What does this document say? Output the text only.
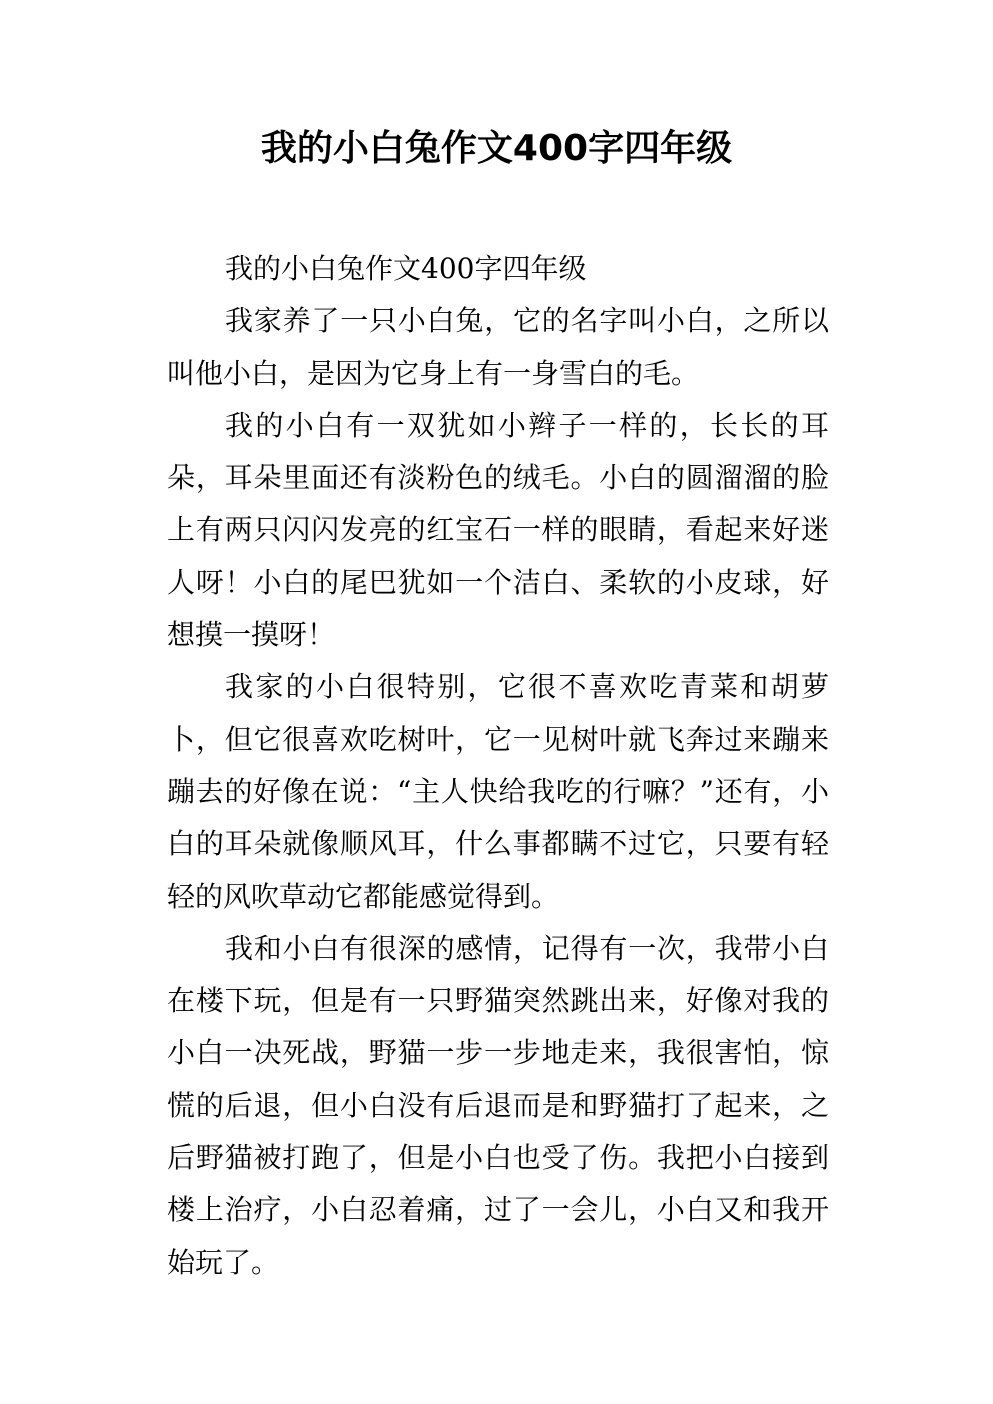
我的小白兔作文400字四年级

我的小白兔作文400字四年级

我家养了一只小白兔，它的名字叫小白，之所以叫他小白，是因为它身上有一身雪白的毛。

我的小白有一双犹如小辫子一样的，长长的耳朵，耳朵里面还有淡粉色的绒毛。小白的圆溜溜的脸上有两只闪闪发亮的红宝石一样的眼睛，看起来好迷人呀！小白的尾巴犹如一个洁白、柔软的小皮球，好想摸一摸呀！

我家的小白很特别，它很不喜欢吃青菜和胡萝卜，但它很喜欢吃树叶，它一见树叶就飞奔过来蹦来蹦去的好像在说：“主人快给我吃的行嘛？”还有，小白的耳朵就像顺风耳，什么事都瞒不过它，只要有轻轻的风吹草动它都能感觉得到。

我和小白有很深的感情，记得有一次，我带小白在楼下玩，但是有一只野猫突然跳出来，好像对我的小白一决死战，野猫一步一步地走来，我很害怕，惊慌的后退，但小白没有后退而是和野猫打了起来，之后野猫被打跑了，但是小白也受了伤。我把小白接到楼上治疗，小白忍着痛，过了一会儿，小白又和我开始玩了。
